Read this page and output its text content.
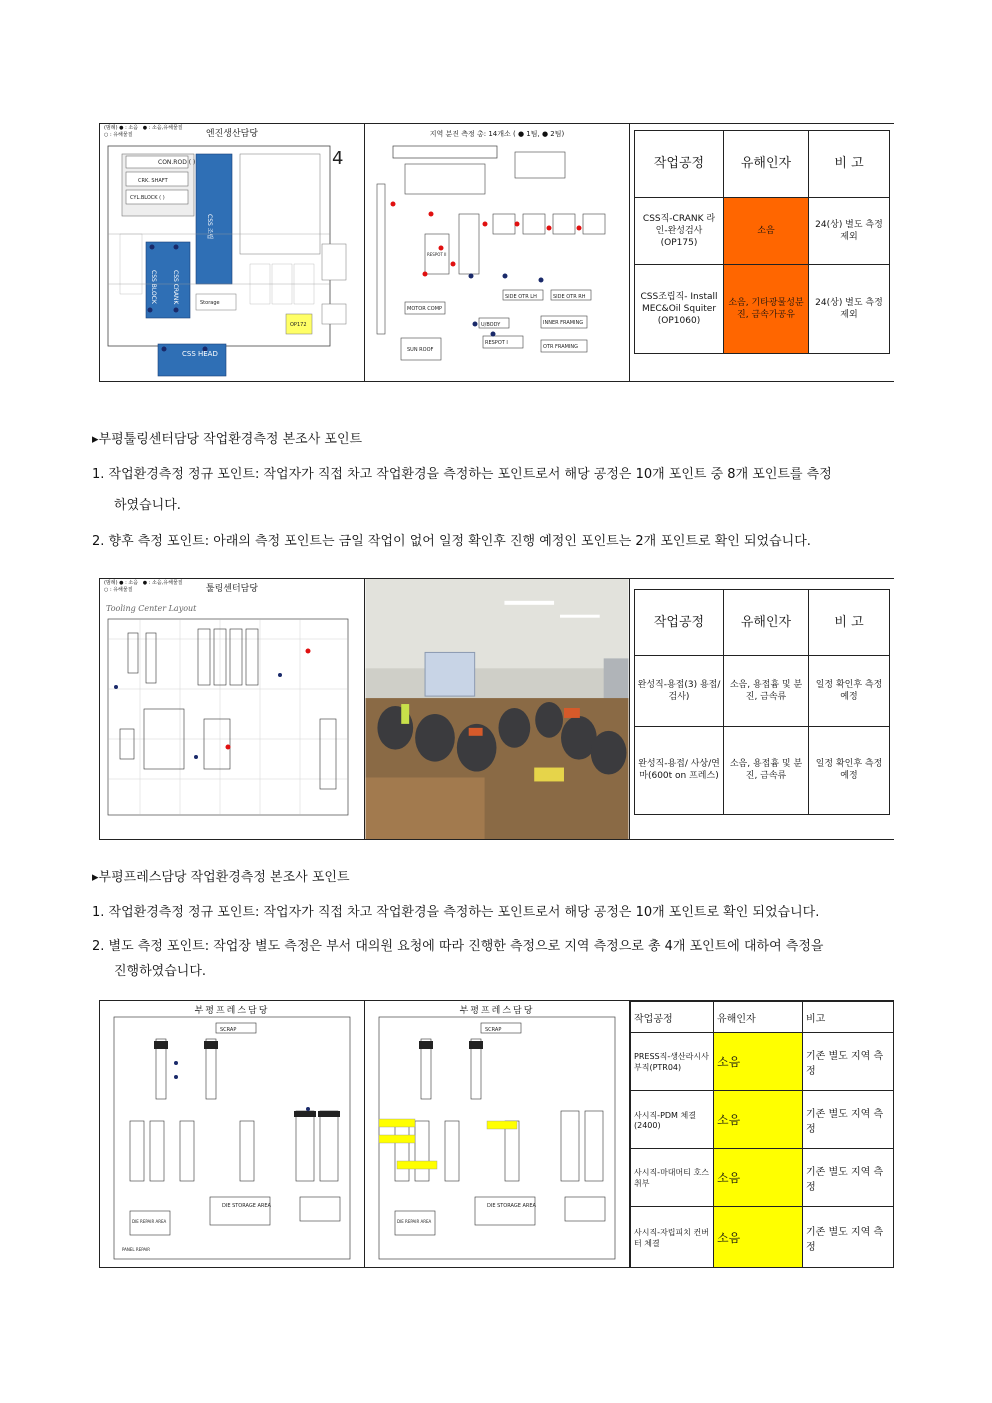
(범례) ● : 소음   ● : 소음,유해물질
○ : 유해물질	엔진생산담당
CON.ROD ( )
CRK. SHAFT
CYL.BLOCK ( )
CSS 조립
CSS BLOCK	CSS CRANK
CSS HEAD
Storage
OP172
4
지역 분진 측정 총: 14개소 ( ● 1팀, ● 2팀)
MOTOR COMP
SIDE OTR LH	SIDE OTR RH
U/BODY
RESPOT I
INNER FRAMING
OTR FRAMING
SUN ROOF
RESPOT II
작업공정	유해인자	비 고
CSS직-CRANK 라인-완성검사 (OP175)	소음	24(상) 별도 측정 제외
CSS조립직- Install MEC&Oil Squiter (OP1060)	소음, 기타광물성분진, 금속가공유	24(상) 별도 측정 제외
▸부평툴링센터담당 작업환경측정 본조사 포인트
1. 작업환경측정 정규 포인트: 작업자가 직접 차고 작업환경을 측정하는 포인트로서 해당 공정은 10개 포인트 중 8개 포인트를 측정
하였습니다.
2. 향후 측정 포인트: 아래의 측정 포인트는 금일 작업이 없어 일정 확인후 진행 예정인 포인트는 2개 포인트로 확인 되었습니다.
(범례) ● : 소음   ● : 소음,유해물질
○ : 유해물질	툴링센터담당
Tooling Center Layout
작업공정	유해인자	비 고
완성직-용접(3) 용접/검사)	소음, 용접흄 및 분진, 금속류	일정 확인후 측정 예정
완성직-용접/ 사상/연마(600t on 프레스)	소음, 용접흄 및 분진, 금속류	일정 확인후 측정 예정
▸부평프레스담당 작업환경측정 본조사 포인트
1. 작업환경측정 정규 포인트: 작업자가 직접 차고 작업환경을 측정하는 포인트로서 해당 공정은 10개 포인트로 확인 되었습니다.
2. 별도 측정 포인트: 작업장 별도 측정은 부서 대의원 요청에 따라 진행한 측정으로 지역 측정으로 총 4개 포인트에 대하여 측정을
진행하였습니다.
부평프레스담당
SCRAP
DIE STORAGE AREA
DIE REPAIR AREA
PANEL REPAIR
부평프레스담당
SCRAP
DIE STORAGE AREA
DIE REPAIR AREA
작업공정	유해인자	비고
PRESS직-생산라시사 부직(PTR04)	소음	기존 별도 지역 측정
사시직-PDM 체결(2400)	소음	기존 별도 지역 측정
사시직-마대머티 호스 취부	소음	기존 별도 지역 측정
사시직-자립피치 컨버터 체결	소음	기존 별도 지역 측정
